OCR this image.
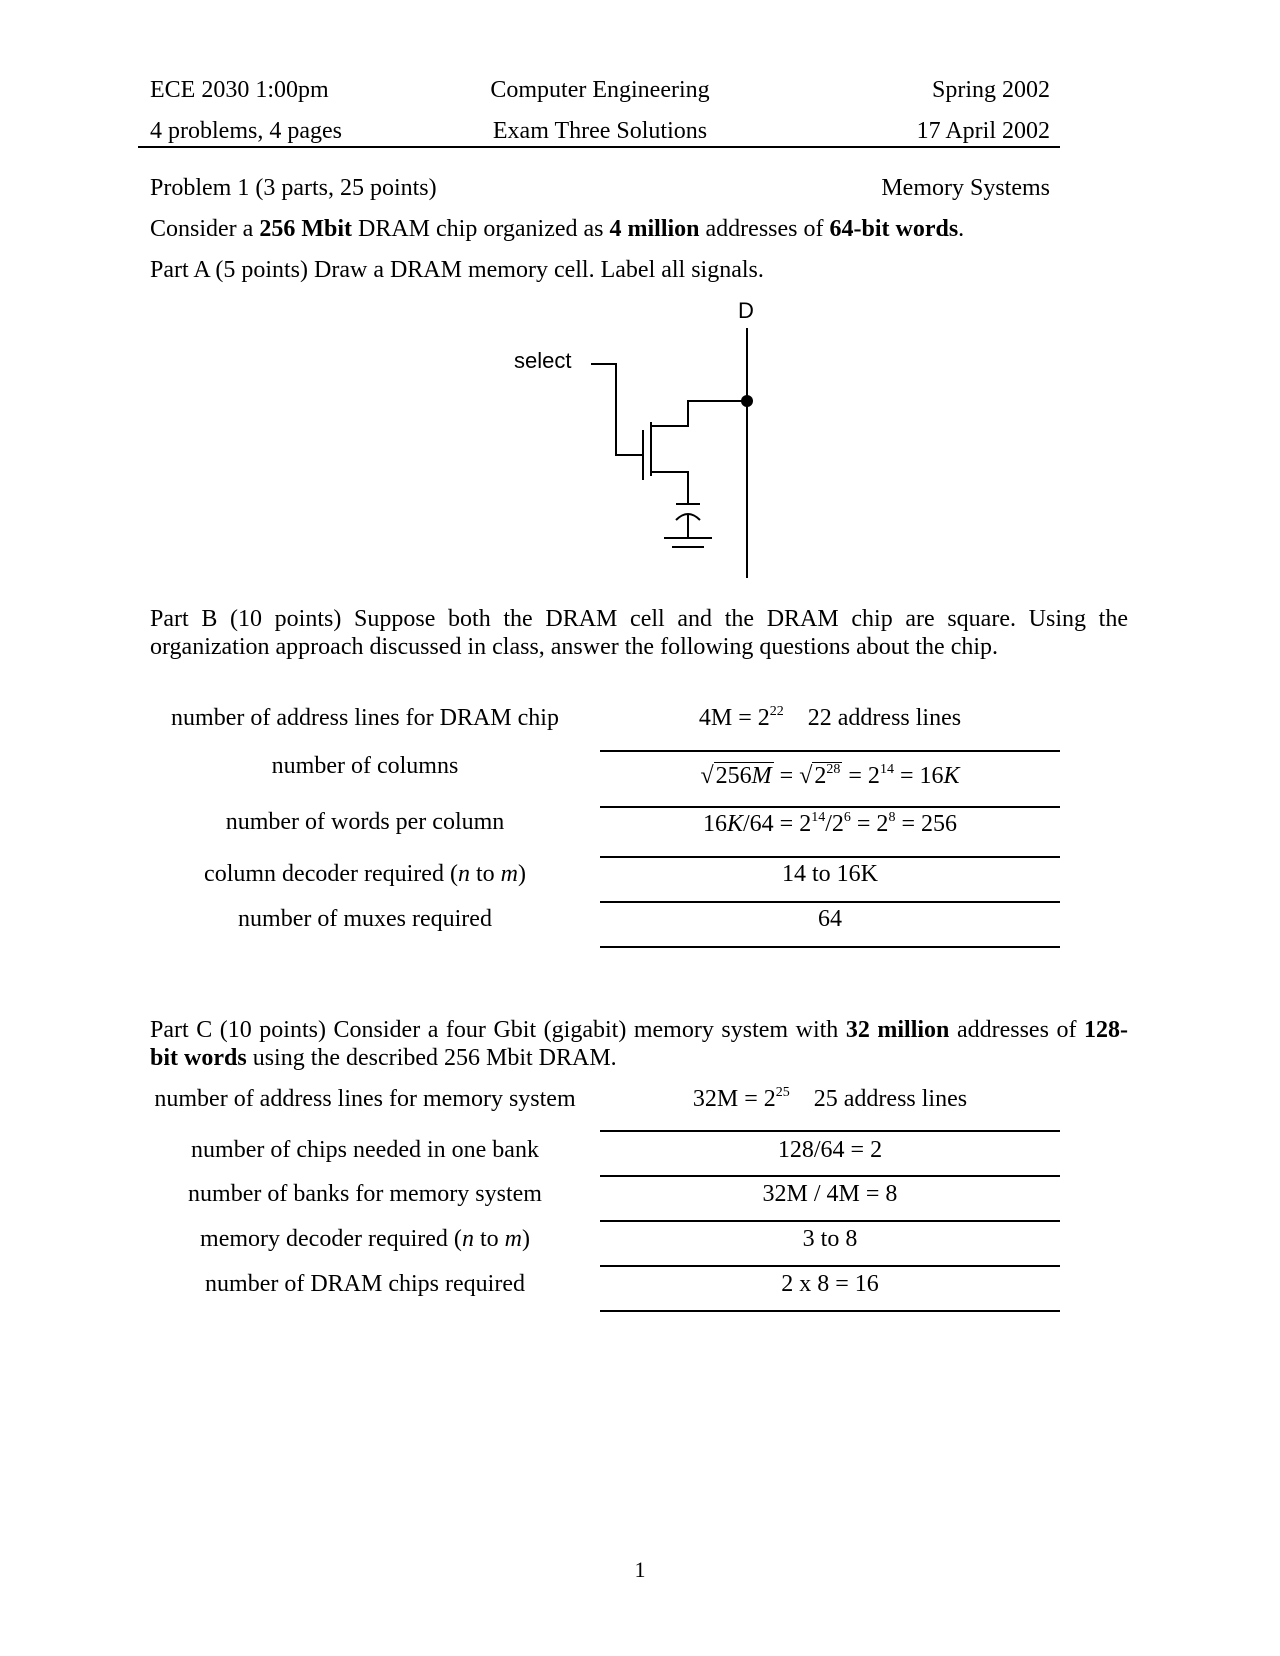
ECE 2030 1:00pm	Computer Engineering	Spring 2002
4 problems, 4 pages	Exam Three Solutions	17 April 2002
Problem 1 (3 parts, 25 points)	Memory Systems
Consider a 256 Mbit DRAM chip organized as 4 million addresses of 64-bit words.
Part A (5 points) Draw a DRAM memory cell. Label all signals.
D
select
Part B (10 points) Suppose both the DRAM cell and the DRAM chip are square. Using the organization approach discussed in class, answer the following questions about the chip.
number of address lines for DRAM chip	$4M = 2^{22}$ 22 address lines
number of columns	$√256M = √2^{28} = 2^{14} = 16K$
number of words per column	$16K/64 = 2^{14}/2^6 = 2^8 = 256$
column decoder required (n to m)	14 to 16K
number of muxes required	64
Part C (10 points) Consider a four Gbit (gigabit) memory system with 32 million addresses of 128-bit words using the described 256 Mbit DRAM.
number of address lines for memory system	$32M = 2^{25}$ 25 address lines
number of chips needed in one bank	128/64 = 2
number of banks for memory system	32M / 4M = 8
memory decoder required (n to m)	3 to 8
number of DRAM chips required	2 x 8 = 16
1
